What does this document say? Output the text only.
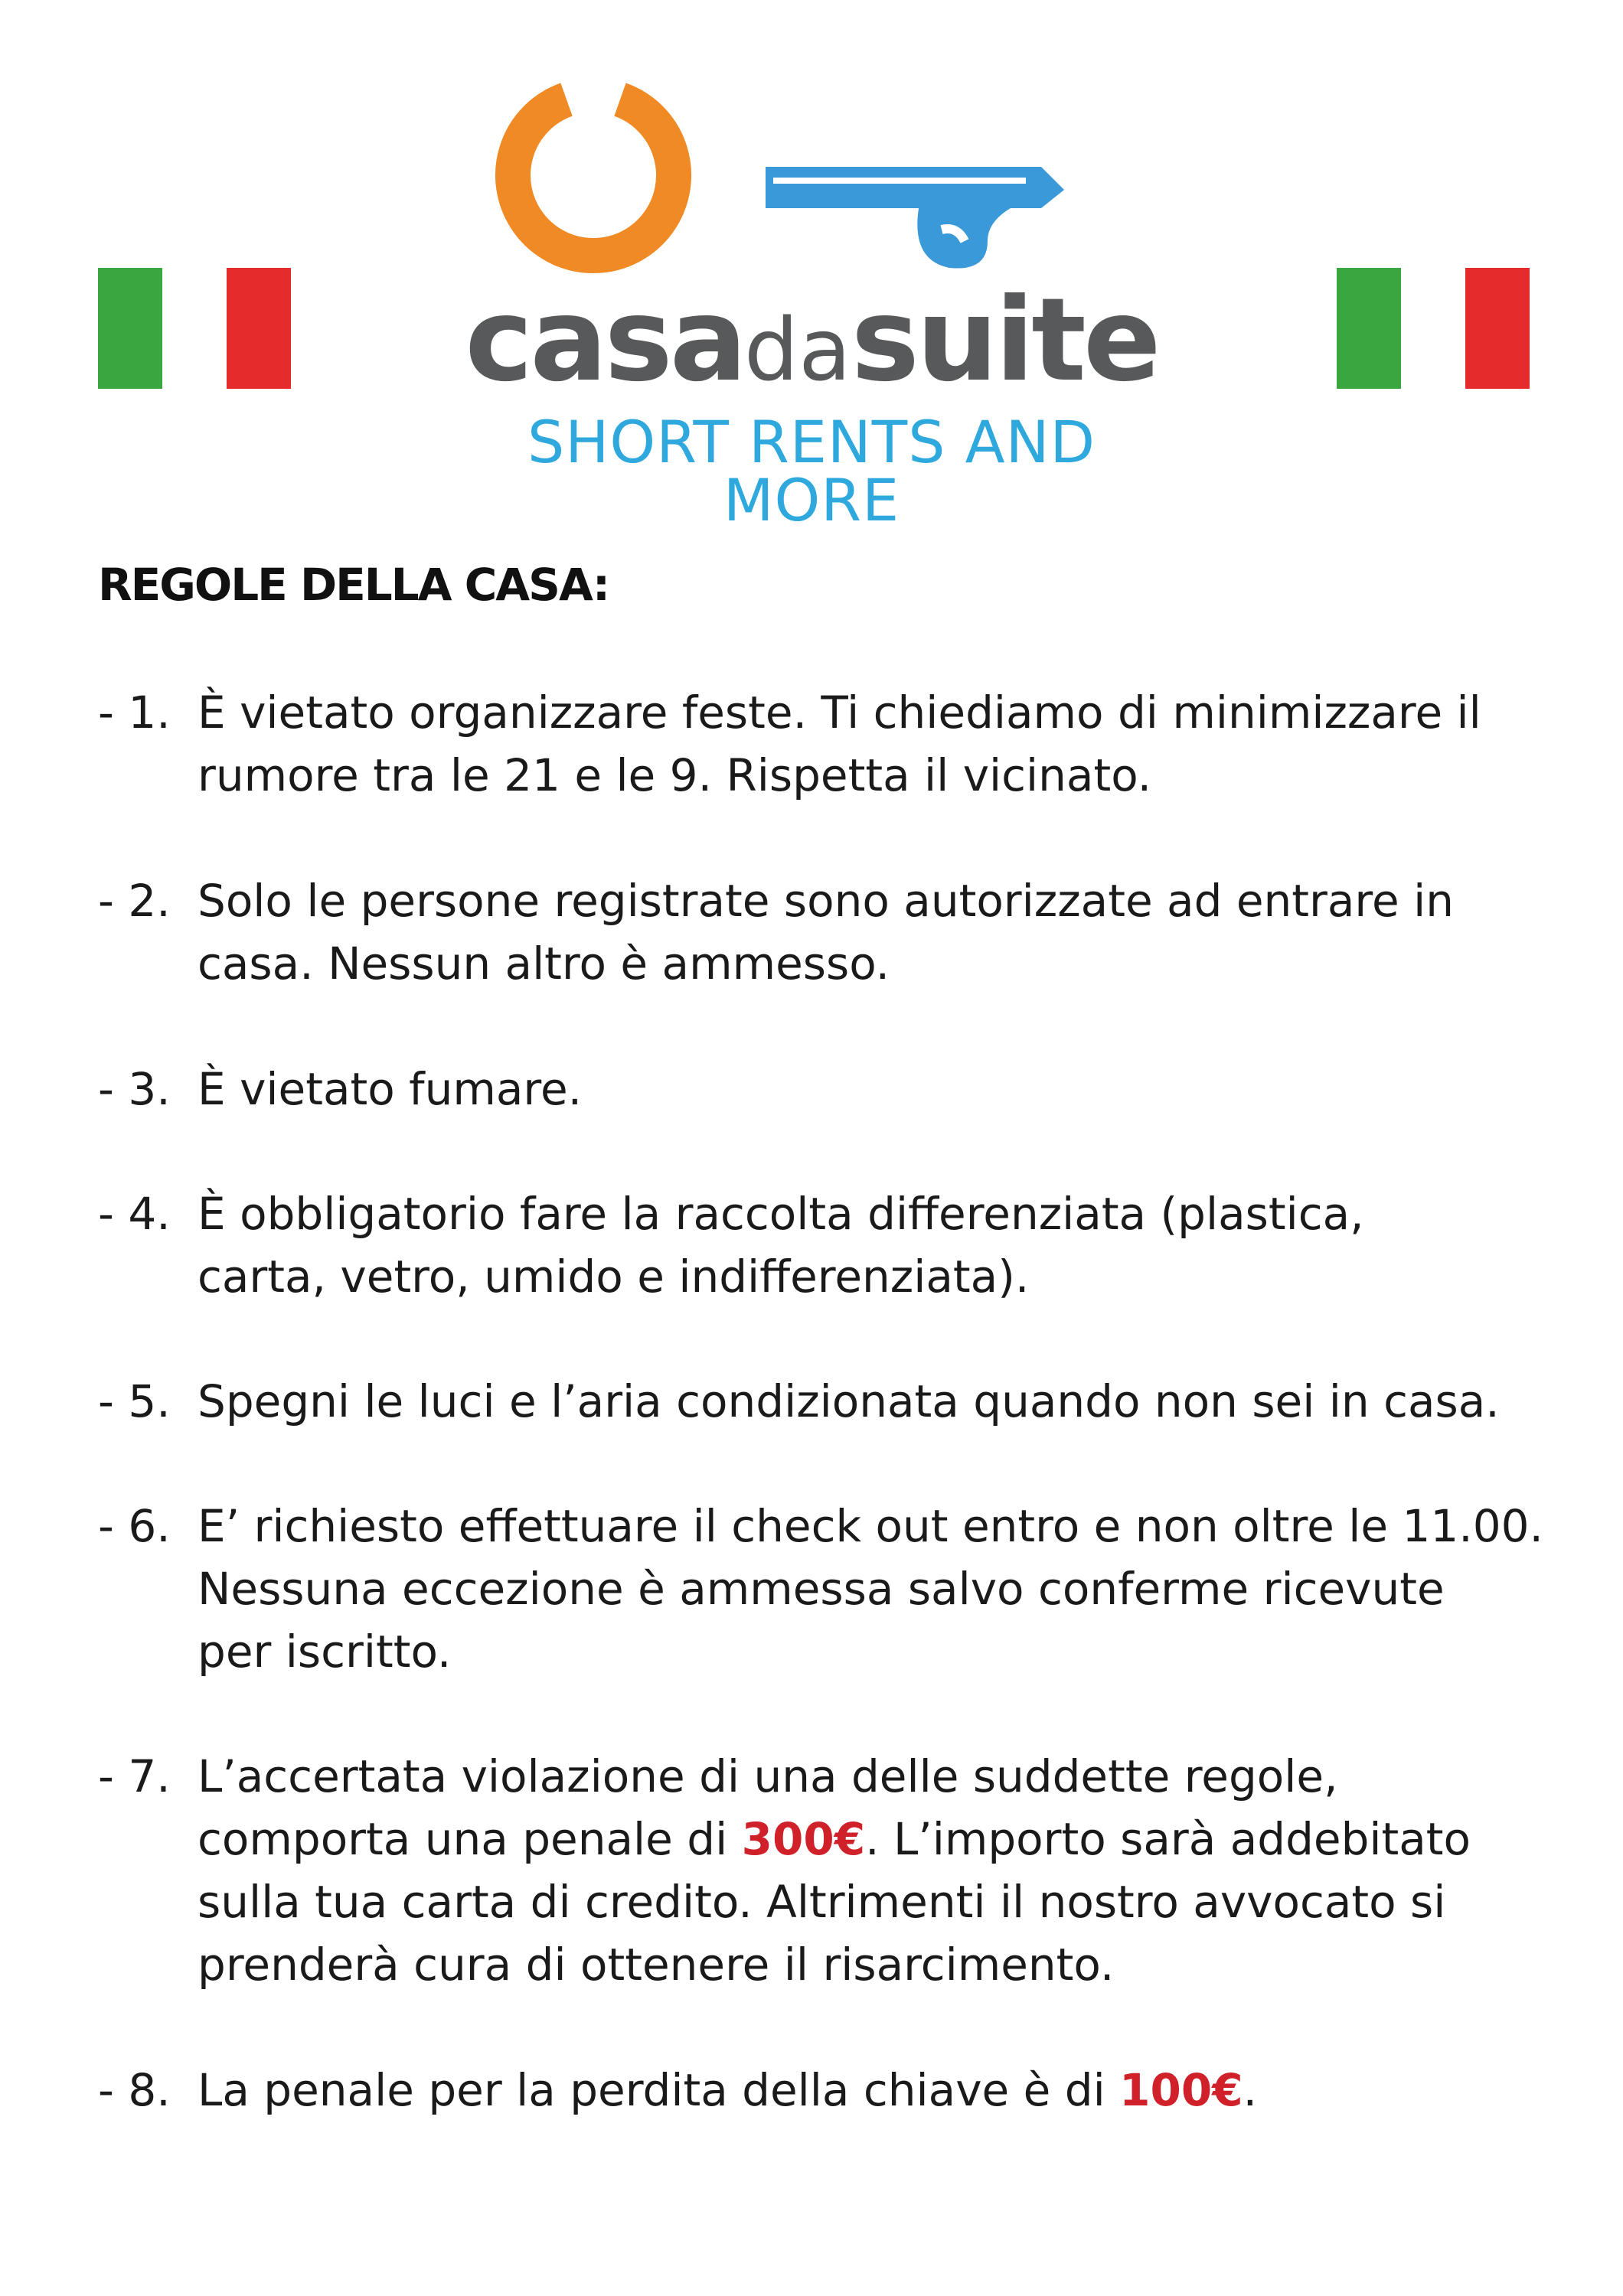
casadasuite
SHORT RENTS AND MORE
REGOLE DELLA CASA:
- 1. È vietato organizzare feste. Ti chiediamo di minimizzare il
rumore tra le 21 e le 9. Rispetta il vicinato.
- 2. Solo le persone registrate sono autorizzate ad entrare in
casa. Nessun altro è ammesso.
- 3. È vietato fumare.
- 4. È obbligatorio fare la raccolta differenziata (plastica,
carta, vetro, umido e indifferenziata).
- 5. Spegni le luci e l’aria condizionata quando non sei in casa.
- 6. E’ richiesto effettuare il check out entro e non oltre le 11.00.
Nessuna eccezione è ammessa salvo conferme ricevute
per iscritto.
- 7. L’accertata violazione di una delle suddette regole,
comporta una penale di 300€. L’importo sarà addebitato
sulla tua carta di credito. Altrimenti il nostro avvocato si
prenderà cura di ottenere il risarcimento.
- 8. La penale per la perdita della chiave è di 100€.
